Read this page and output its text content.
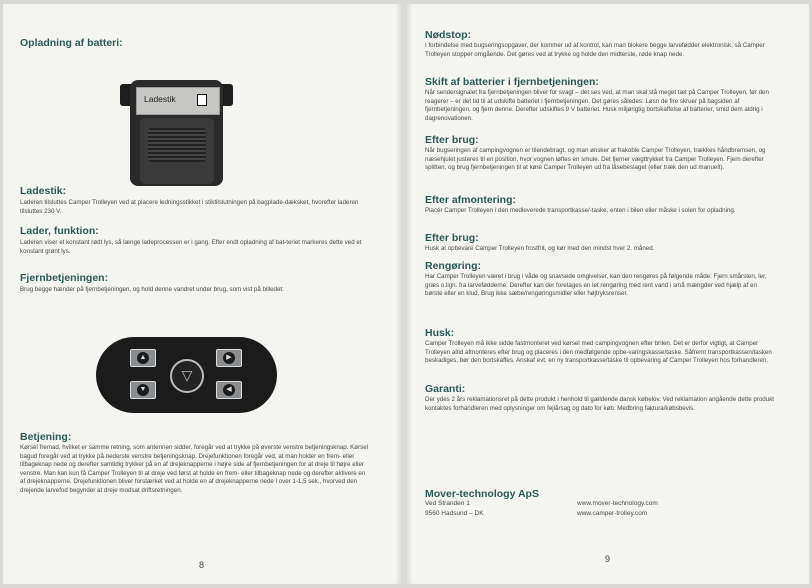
Opladning af batteri:
Ladestik
Ladestik:
Laderen tilsluttes Camper Trolleyen ved at placere ledningsstikket i stiktilslutningen på bagplade-dæksket, hvorefter laderen tilsluttes 230 V.
Lader, funktion:
Laderen viser et konstant rødt lys, så længe ladeprocessen er i gang. Efter endt opladning af bat-teriet markeres dette ved et konstant grønt lys.
Fjernbetjeningen:
Brug begge hænder på fjernbetjeningen, og hold denne vandret under brug, som vist på billedet:
▲
▼
▽
▶
◀
Betjening:
Kørsel fremad, hvilket er samme retning, som antennen sidder, foregår ved at trykke på øverste venstre betjeningsknap. Kørsel bagud foregår ved at trykke på nederste venstre betjeningsknap. Drejefunktionen foregår ved, at man holder en frem- eller tilbageknap nede og derefter samtidig trykker på en af drejeknapperne i højre side af fjernbetjeningen for at dreje til højre eller venstre. Man kan kun få Camper Trolleyen til at dreje ved først at holde en frem- eller tilbageknap nede og derefter aktivere en af drejeknapperne. Drejefunktionen bliver forstærket ved at holde en af drejeknapperne nede i over 1-1,5 sek., hvorved den drejende larvefod begynder at dreje modsat driftsretningen.
8
Nødstop:
I forbindelse med bugseringsopgaver, der kommer ud af kontrol, kan man blokere begge larvefødder elektronisk, så Camper Trolleyen stopper omgående. Det gøres ved at trykke og holde den midterste, røde knap nede.
Skift af batterier i fjernbetjeningen:
Når sendersignalet fra fjernbetjeningen bliver for svagt – det ses ved, at man skal stå meget tæt på Camper Trolleyen, før den reagerer – er det tid til at udskifte batteriet i fjernbetjeningen. Det gøres således: Løsn de fire skruer på bagsiden af fjernbetjeningen, og fjern denne. Derefter udskiftes 9 V batteriet. Husk miljørigtig bortskaffelse af batterier, smid dem aldrig i dagrenovationen.
Efter brug:
Når bugseringen af campingvognen er tilendebragt, og man ønsker at frakoble Camper Trolleyen, trækkes håndbremsen, og næsehjulet justeres til en position, hvor vognen løftes en smule. Det fjerner vægttrykket fra Camper Trolleyen. Fjern derefter splitten, og brug fjernbetjeningen til at køre Camper Trolleyen ud fra låsebeslaget (eller træk den ud manuelt).
Efter afmontering:
Placér Camper Trolleyen i den medleverede transportkasse/-taske, enten i bilen eller måske i solen for opladning.
Efter brug:
Husk at opbevare Camper Trolleyen frostfrit, og kør med den mindst hver 2. måned.
Rengøring:
Har Camper Trolleyen været i brug i våde og snavsede omgivelser, kan den rengøres på følgende måde: Fjern smårsten, ler, græs o.lign. fra larvefødderne. Derefter kan der foretages en let rengøring med rent vand i små mængder ved hjælp af en børste eller en klud. Brug ikke sæbe/rengøringsmidler eller højtryksrenser.
Husk:
Camper Trolleyen må ikke sidde fastmonteret ved kørsel med campingvognen efter brilen. Det er derfor vigtigt, at Camper Trolleyen altid afmonteres efter brug og placeres i den medfølgende opbe-varingskasse/taske. Såfremt transportkassen/tasken beskadiges, bør den bortskaffes. Anskaf evt. en ny transportkasse/taske til opbevaring af Camper Trolleyen hos forhandleren.
Garanti:
Der ydes 2 års reklamationsret på dette produkt i henhold til gældende dansk købelov. Ved reklamation angående dette produkt kontaktes forhandleren med oplysninger om fejlårsag og dato for køb. Medbring faktura/købsbevis.
Mover-technology ApS
Ved Stranden 1
9560 Hadsund – DK
www.mover-technology.com
www.camper-trolley.com
9
